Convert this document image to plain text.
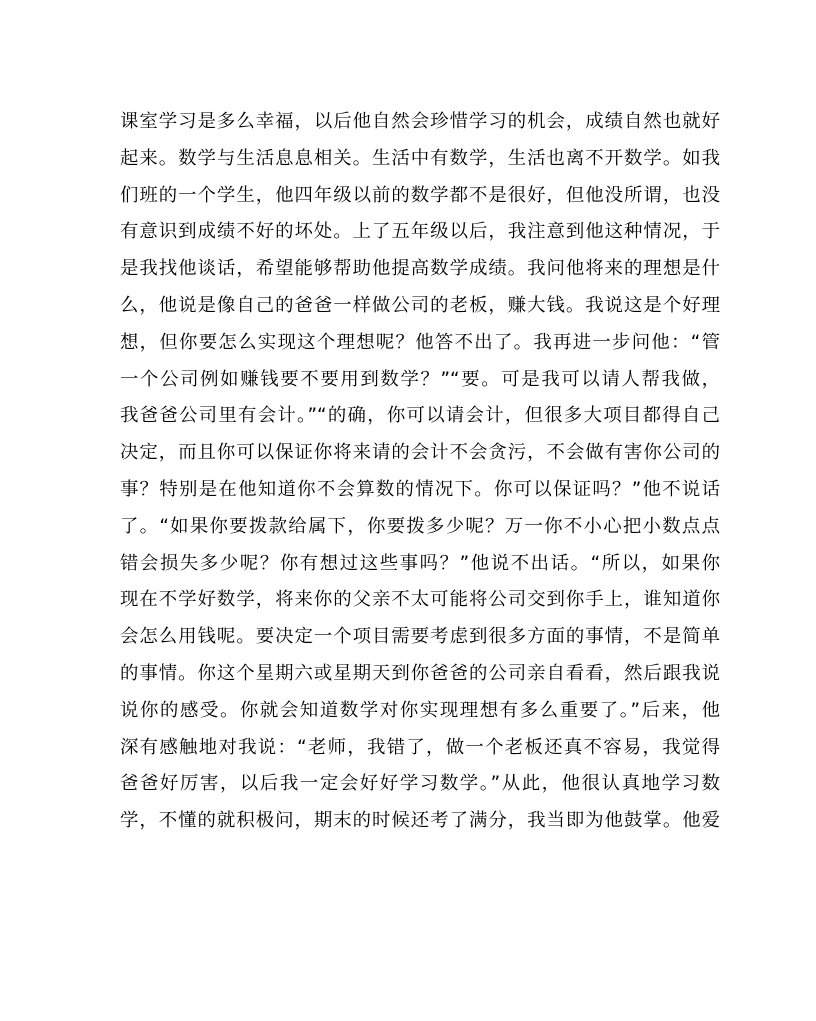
课室学习是多么幸福，以后他自然会珍惜学习的机会，成绩自然也就好
起来。数学与生活息息相关。生活中有数学，生活也离不开数学。如我
们班的一个学生，他四年级以前的数学都不是很好，但他没所谓，也没
有意识到成绩不好的坏处。上了五年级以后，我注意到他这种情况，于
是我找他谈话，希望能够帮助他提高数学成绩。我问他将来的理想是什
么，他说是像自己的爸爸一样做公司的老板，赚大钱。我说这是个好理
想，但你要怎么实现这个理想呢？他答不出了。我再进一步问他：“管
一个公司例如赚钱要不要用到数学？”“要。可是我可以请人帮我做，
我爸爸公司里有会计。”“的确，你可以请会计，但很多大项目都得自己
决定，而且你可以保证你将来请的会计不会贪污，不会做有害你公司的
事？特别是在他知道你不会算数的情况下。你可以保证吗？”他不说话
了。“如果你要拨款给属下，你要拨多少呢？万一你不小心把小数点点
错会损失多少呢？你有想过这些事吗？”他说不出话。“所以，如果你
现在不学好数学，将来你的父亲不太可能将公司交到你手上，谁知道你
会怎么用钱呢。要决定一个项目需要考虑到很多方面的事情，不是简单
的事情。你这个星期六或星期天到你爸爸的公司亲自看看，然后跟我说
说你的感受。你就会知道数学对你实现理想有多么重要了。”后来，他
深有感触地对我说：“老师，我错了，做一个老板还真不容易，我觉得
爸爸好厉害，以后我一定会好好学习数学。”从此，他很认真地学习数
学，不懂的就积极问，期末的时候还考了满分，我当即为他鼓掌。他爱
